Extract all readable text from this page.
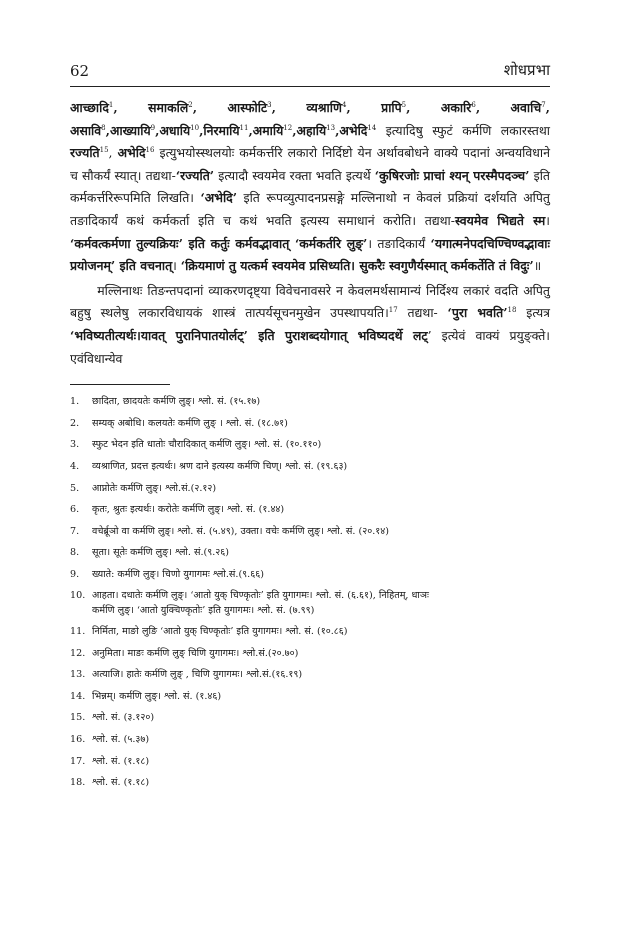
62	शोधप्रभा

आच्छादि$^1$, समाकलि$^2$, आस्फोटि$^3$, व्यश्राणि$^4$, प्रापि$^5$, अकारि$^6$, अवाचि$^7$, असावि$^8$,आख्यायि$^9$,अधायि$^{10}$,निरमायि$^{11}$,अमायि$^{12}$,अहायि$^{13}$,अभेदि$^{14}$ इत्यादिषु स्फुटं कर्मणि लकारस्तथा रज्यति$^{15}$, अभेदि$^{16}$ इत्युभयोस्स्थलयोः कर्मकर्त्तरि लकारो निर्दिष्टो येन अर्थावबोधने वाक्ये पदानां अन्वयविधाने च सौकर्यं स्यात्। तद्यथा-‘रज्यति’ इत्यादौ स्वयमेव रक्ता भवति इत्यर्थे ‘कुषिरजोः प्राचां श्यन् परस्मैपदञ्च’ इति कर्मकर्त्तरिरूपमिति लिखति। ‘अभेदि’ इति रूपव्युत्पादनप्रसङ्गे मल्लिनाथो न केवलं प्रक्रियां दर्शयति अपितु तङादिकार्यं कथं कर्मकर्ता इति च कथं भवति इत्यस्य समाधानं करोति। तद्यथा-स्वयमेव भिद्यते स्म। ‘कर्मवत्कर्मणा तुल्यक्रियः’ इति कर्तुः कर्मवद्भावात् ‘कर्मकर्तरि लुङ्’। तङादिकार्यं ‘यगात्मनेपदचिण्चिण्वद्भावाः प्रयोजनम्’ इति वचनात्। ‘क्रियमाणं तु यत्कर्म स्वयमेव प्रसिध्यति। सुकरैः स्वगुणैर्यस्मात् कर्मकर्तेति तं विदुः’॥

मल्लिनाथः तिङन्तपदानां व्याकरणदृष्ट्या विवेचनावसरे न केवलमर्थसामान्यं निर्दिश्य लकारं वदति अपितु बहुषु स्थलेषु लकारविधायकं शास्त्रं तात्पर्यसूचनमुखेन उपस्थापयति।$^{17}$ तद्यथा- ‘पुरा भवति’$^{18}$ इत्यत्र ‘भविष्यतीत्यर्थः।यावत् पुरानिपातयोर्लट्’ इति पुराशब्दयोगात् भविष्यदर्थे लट्’ इत्येवं वाक्यं प्रयुङ्क्ते। एवंविधान्येव

1.	छादिता, छादयतेः कर्मणि लुङ्। श्लो. सं. (१५.१७)
2.	सम्यक् अबोधि। कलयतेः कर्मणि लुङ् । श्लो. सं. (१८.७१)
3.	स्फुट भेदन इति धातोः चौरादिकात् कर्मणि लुङ्। श्लो. सं. (१०.११०)
4.	व्यश्राणित, प्रदत्त इत्यर्थः। श्रण दाने इत्यस्य कर्मणि चिण्। श्लो. सं. (१९.६३)
5.	आप्नोतेः कर्मणि लुङ्। श्लो.सं.(२.१२)
6.	कृतः, श्रुतः इत्यर्थः। करोतेः कर्मणि लुङ्। श्लो. सं. (१.४४)
7.	वचेर्ब्रूञो वा कर्मणि लुङ्। श्लो. सं. (५.४९), उक्ता। वचेः कर्मणि लुङ्। श्लो. सं. (२०.१४)
8.	सूता। सूतेः कर्मणि लुङ्। श्लो. सं.(९.२६)
9.	ख्याते: कर्मणि लुङ्। चिणो युगागमः श्लो.सं.(९.६६)
10. आहता। दधातेः कर्मणि लुङ्। ‘आतो युक् चिण्कृतोः’ इति युगागमः। श्लो. सं. (६.६१), निहितम्, धाञः
कर्मणि लुङ्। ‘आतो युक्चिण्कृतोः’ इति युगागमः। श्लो. सं. (७.९९)
11. निर्मिता, माङो लुङि ‘आतो युक् चिण्कृतोः’ इति युगागमः। श्लो. सं. (१०.८६)
12. अनुमिता। माङः कर्मणि लुङ् चिणि युगागमः। श्लो.सं.(२०.७०)
13. अत्याजि। हातेः कर्मणि लुङ् , चिणि युगागमः। श्लो.सं.(१६.१९)
14. भिन्नम्। कर्मणि लुङ्। श्लो. सं. (१.४६)
15. श्लो. सं. (३.१२०)
16. श्लो. सं. (५.३७)
17. श्लो. सं. (१.१८)
18. श्लो. सं. (१.१८)
